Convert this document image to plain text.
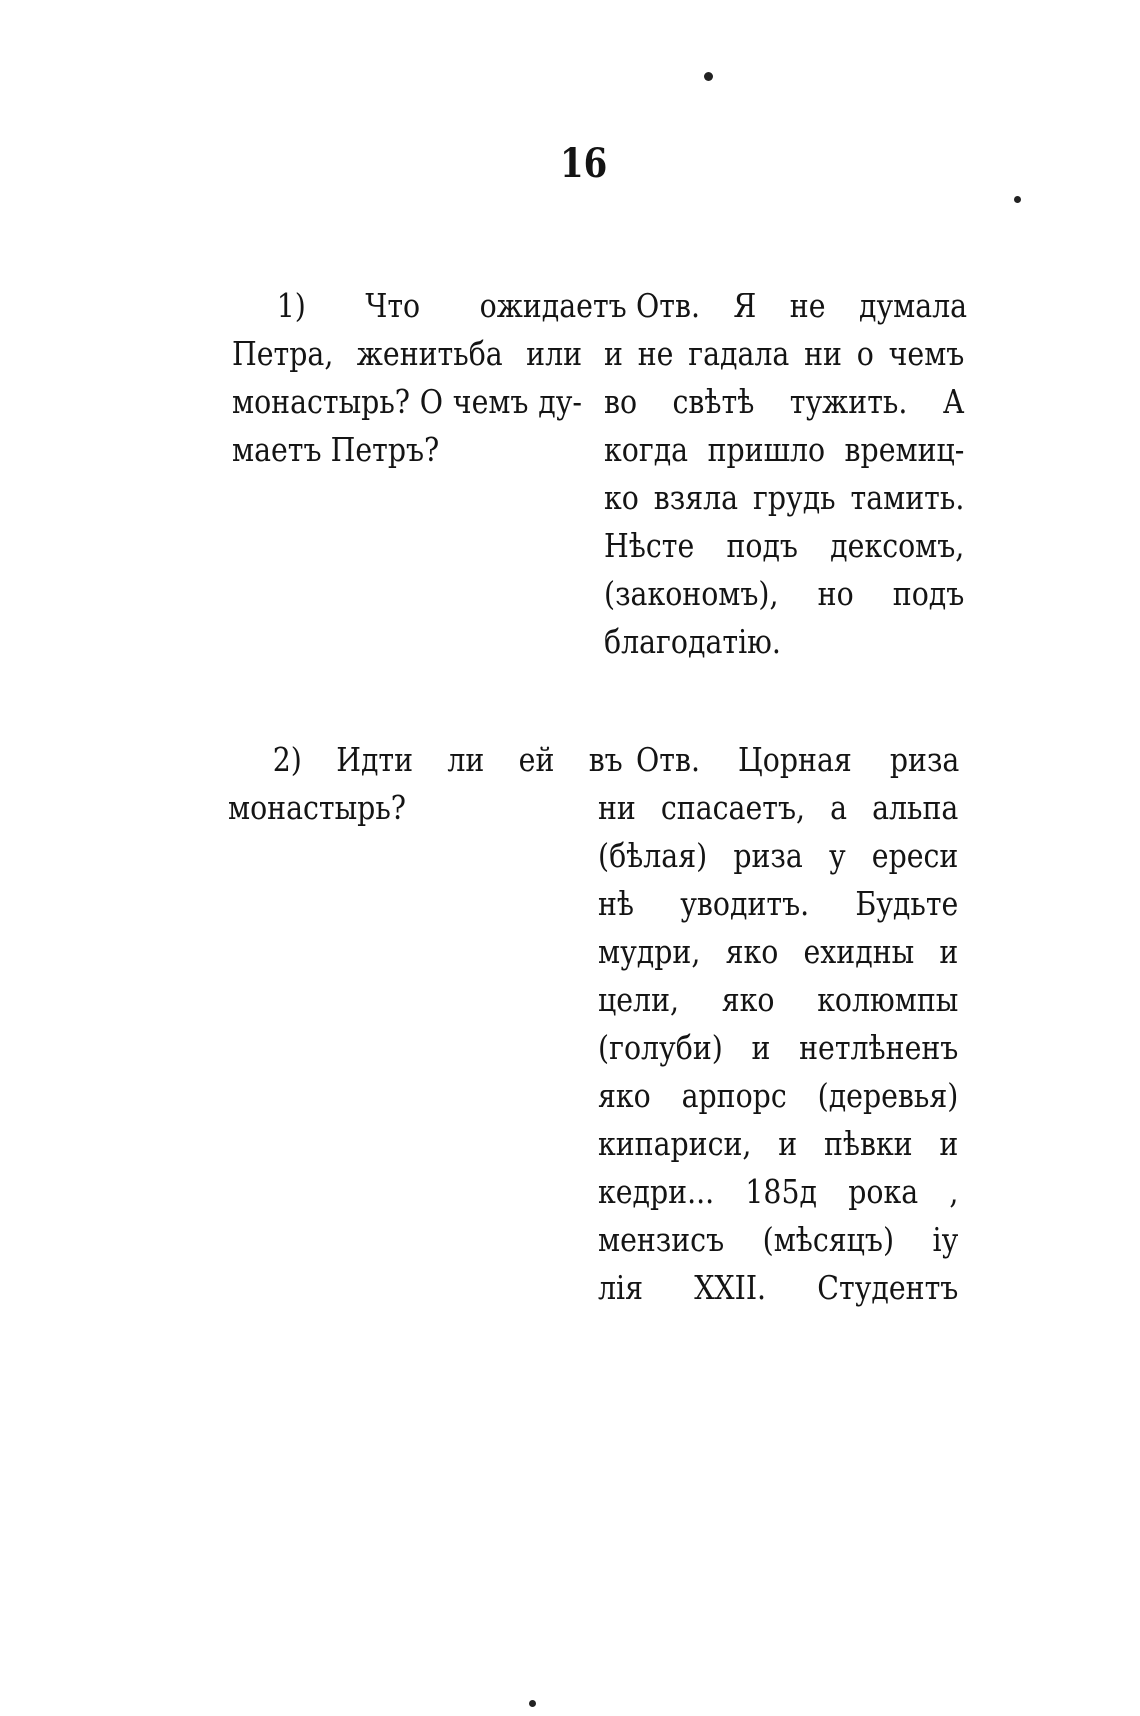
16
1) Что ожидаетъ
Петра, женитьба или
монастырь? О чемъ ду-
маетъ Петръ?
Отв. Я не думала
и не гадала ни о чемъ
во свѣтѣ тужить. А
когда пришло времиц-
ко взяла грудь тамить.
Нѣсте подъ дексомъ,
(закономъ), но подъ
благодатiю.
2) Идти ли ей въ
монастырь?
Отв. Цорная риза
ни спасаетъ, а альпа
(бѣлая) риза у ереси
нѣ уводитъ. Будьте
мудри, яко ехидны и
цели, яко колюмпы
(голуби) и нетлѣненъ
яко арпорс (деревья)
кипариси, и пѣвки и
кедри... 185д рока ,
мензисъ (мѣсяцъ) iу
лiя XXII. Студентъ
